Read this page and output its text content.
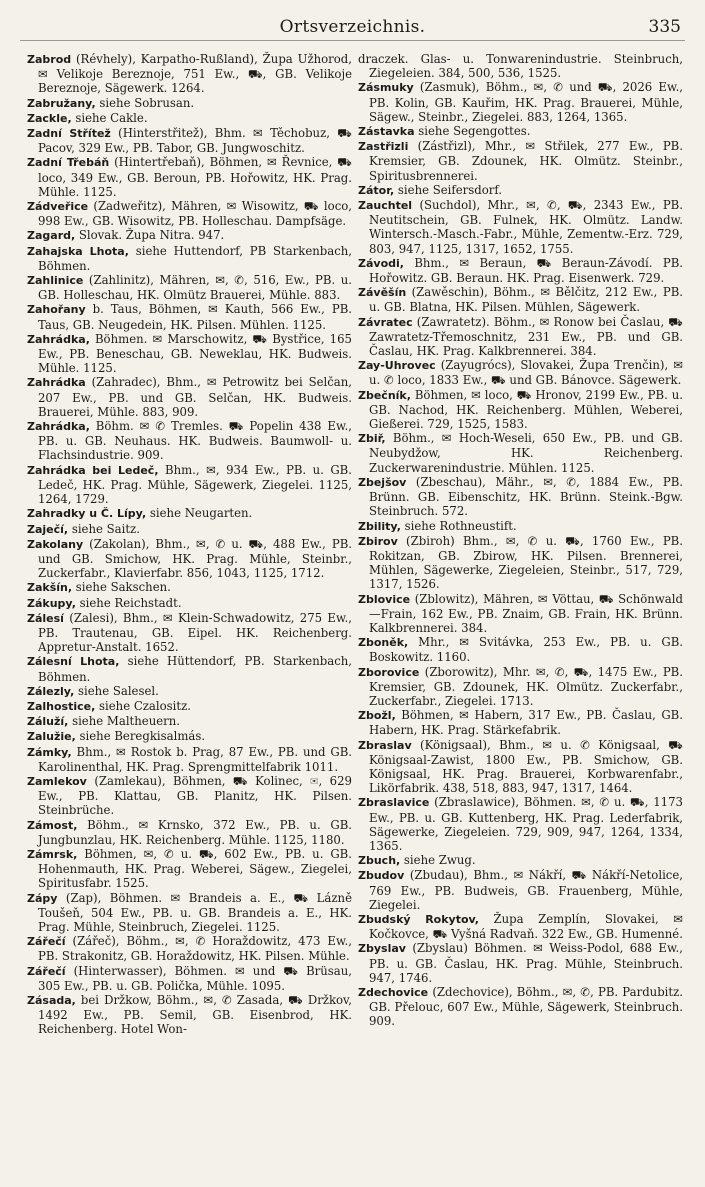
Ortsverzeichnis.	335

Zabrod (Révhely), Karpatho-Rußland), Župa Užhorod, ✉ Velikoje Bereznoje, 751 Ew., ⛟, GB. Velikoje Bereznoje, Sägewerk. 1264.

Zabružany, siehe Sobrusan.

Zackle, siehe Cakle.

Zadní Střítež (Hinterstřitež), Bhm. ✉ Těchobuz, ⛟ Pacov, 329 Ew., PB. Tabor, GB. Jungwoschitz.

Zadní Třebáň (Hintertřebaň), Böhmen, ✉ Řevnice, ⛟ loco, 349 Ew., GB. Beroun, PB. Hořowitz, HK. Prag. Mühle. 1125.

Zádveřice (Zadweřitz), Mähren, ✉ Wisowitz, ⛟ loco, 998 Ew., GB. Wisowitz, PB. Holleschau. Dampfsäge.

Zagard, Slovak. Župa Nitra. 947.

Zahajska Lhota, siehe Huttendorf, PB Starkenbach, Böhmen.

Zahlinice (Zahlinitz), Mähren, ✉, ✆, 516, Ew., PB. u. GB. Holleschau, HK. Olmütz Brauerei, Mühle. 883.

Zahořany b. Taus, Böhmen, ✉ Kauth, 566 Ew., PB. Taus, GB. Neugedein, HK. Pilsen. Mühlen. 1125.

Zahrádka, Böhmen. ✉ Marschowitz, ⛟ Bystřice, 165 Ew., PB. Beneschau, GB. Neweklau, HK. Budweis. Mühle. 1125.

Zahrádka (Zahradec), Bhm., ✉ Petrowitz bei Selčan, 207 Ew., PB. und GB. Selčan, HK. Budweis. Brauerei, Mühle. 883, 909.

Zahrádka, Böhm. ✉ ✆ Tremles. ⛟ Popelin 438 Ew., PB. u. GB. Neuhaus. HK. Budweis. Baumwoll- u. Flachsindustrie. 909.

Zahrádka bei Ledeč, Bhm., ✉, 934 Ew., PB. u. GB. Ledeč, HK. Prag. Mühle, Sägewerk, Ziegelei. 1125, 1264, 1729.

Zahradky u Č. Lípy, siehe Neugarten.

Zaječí, siehe Saitz.

Zakolany (Zakolan), Bhm., ✉, ✆ u. ⛟, 488 Ew., PB. und GB. Smichow, HK. Prag. Mühle, Steinbr., Zuckerfabr., Klavierfabr. 856, 1043, 1125, 1712.

Zakšín, siehe Sakschen.

Zákupy, siehe Reichstadt.

Zálesí (Zalesi), Bhm., ✉ Klein-Schwadowitz, 275 Ew., PB. Trautenau, GB. Eipel. HK. Reichenberg. Appretur-Anstalt. 1652.

Zálesní Lhota, siehe Hüttendorf, PB. Starkenbach, Böhmen.

Zálezly, siehe Salesel.

Zalhostice, siehe Czalositz.

Záluží, siehe Maltheuern.

Zalužie, siehe Beregkisalmás.

Zámky, Bhm., ✉ Rostok b. Prag, 87 Ew., PB. und GB. Karolinenthal, HK. Prag. Sprengmittelfabrik 1011.

Zamlekov (Zamlekau), Böhmen, ⛟ Kolinec, ✉, 629 Ew., PB. Klattau, GB. Planitz, HK. Pilsen. Steinbrüche.

Zámost, Böhm., ✉ Krnsko, 372 Ew., PB. u. GB. Jungbunzlau, HK. Reichenberg. Mühle. 1125, 1180.

Zámrsk, Böhmen, ✉, ✆ u. ⛟, 602 Ew., PB. u. GB. Hohenmauth, HK. Prag. Weberei, Sägew., Ziegelei, Spiritusfabr. 1525.

Zápy (Zap), Böhmen. ✉ Brandeis a. E., ⛟ Lázně Toušeň, 504 Ew., PB. u. GB. Brandeis a. E., HK. Prag. Mühle, Steinbruch, Ziegelei. 1125.

Zářečí (Zářeč), Böhm., ✉, ✆ Horaždowitz, 473 Ew., PB. Strakonitz, GB. Horaždowitz, HK. Pilsen. Mühle.

Zářečí (Hinterwasser), Böhmen. ✉ und ⛟ Brüsau, 305 Ew., PB. u. GB. Polička, Mühle. 1095.

Zásada, bei Držkow, Böhm., ✉, ✆ Zasada, ⛟ Držkov, 1492 Ew., PB. Semil, GB. Eisenbrod, HK. Reichenberg. Hotel Won-

draczek. Glas- u. Tonwarenindustrie. Steinbruch, Ziegeleien. 384, 500, 536, 1525.

Zásmuky (Zasmuk), Böhm., ✉, ✆ und ⛟, 2026 Ew., PB. Kolin, GB. Kauřim, HK. Prag. Brauerei, Mühle, Sägew., Steinbr., Ziegelei. 883, 1264, 1365.

Zástavka siehe Segengottes.

Zastřizli (Zástřizl), Mhr., ✉ Střilek, 277 Ew., PB. Kremsier, GB. Zdounek, HK. Olmütz. Steinbr., Spiritusbrennerei.

Zátor, siehe Seifersdorf.

Zauchtel (Suchdol), Mhr., ✉, ✆, ⛟, 2343 Ew., PB. Neutitschein, GB. Fulnek, HK. Olmütz. Landw. Wintersch.-Masch.-Fabr., Mühle, Zementw.-Erz. 729, 803, 947, 1125, 1317, 1652, 1755.

Závodi, Bhm., ✉ Beraun, ⛟ Beraun-Závodí. PB. Hořowitz. GB. Beraun. HK. Prag. Eisenwerk. 729.

Závěšín (Zawěschin), Böhm., ✉ Bělčitz, 212 Ew., PB. u. GB. Blatna, HK. Pilsen. Mühlen, Sägewerk.

Závratec (Zawratetz). Böhm., ✉ Ronow bei Časlau, ⛟ Zawratetz-Třemoschnitz, 231 Ew., PB. und GB. Časlau, HK. Prag. Kalkbrennerei. 384.

Zay-Uhrovec (Zayugrócs), Slovakei, Župa Trenčin), ✉ u. ✆ loco, 1833 Ew., ⛟ und GB. Bánovce. Sägewerk.

Zbečník, Böhmen, ✉ loco, ⛟ Hronov, 2199 Ew., PB. u. GB. Nachod, HK. Reichenberg. Mühlen, Weberei, Gießerei. 729, 1525, 1583.

Zbiř, Böhm., ✉ Hoch-Weseli, 650 Ew., PB. und GB. Neubydžow, HK. Reichenberg. Zuckerwarenindustrie. Mühlen. 1125.

Zbejšov (Zbeschau), Mähr., ✉, ✆, 1884 Ew., PB. Brünn. GB. Eibenschitz, HK. Brünn. Steink.-Bgw. Steinbruch. 572.

Zbility, siehe Rothneustift.

Zbirov (Zbiroh) Bhm., ✉, ✆ u. ⛟, 1760 Ew., PB. Rokitzan, GB. Zbirow, HK. Pilsen. Brennerei, Mühlen, Sägewerke, Ziegeleien, Steinbr., 517, 729, 1317, 1526.

Zblovice (Zblowitz), Mähren, ✉ Vöttau, ⛟ Schönwald—Frain, 162 Ew., PB. Znaim, GB. Frain, HK. Brünn. Kalkbrennerei. 384.

Zboněk, Mhr., ✉ Svitávka, 253 Ew., PB. u. GB. Boskowitz. 1160.

Zborovice (Zborowitz), Mhr. ✉, ✆, ⛟, 1475 Ew., PB. Kremsier, GB. Zdounek, HK. Olmütz. Zuckerfabr., Zuckerfabr., Ziegelei. 1713.

Zbožl, Böhmen, ✉ Habern, 317 Ew., PB. Časlau, GB. Habern, HK. Prag. Stärkefabrik.

Zbraslav (Königsaal), Bhm., ✉ u. ✆ Königsaal, ⛟ Königsaal-Zawist, 1800 Ew., PB. Smichow, GB. Königsaal, HK. Prag. Brauerei, Korbwarenfabr., Likörfabrik. 438, 518, 883, 947, 1317, 1464.

Zbraslavice (Zbraslawice), Böhmen. ✉, ✆ u. ⛟, 1173 Ew., PB. u. GB. Kuttenberg, HK. Prag. Lederfabrik, Sägewerke, Ziegeleien. 729, 909, 947, 1264, 1334, 1365.

Zbuch, siehe Zwug.

Zbudov (Zbudau), Bhm., ✉ Nákří, ⛟ Nákří-Netolice, 769 Ew., PB. Budweis, GB. Frauenberg, Mühle, Ziegelei.

Zbudský Rokytov, Župa Zemplín, Slovakei, ✉ Kočkovce, ⛟ Vyšná Radvaň. 322 Ew., GB. Humenné.

Zbyslav (Zbyslau) Böhmen. ✉ Weiss-Podol, 688 Ew., PB. u. GB. Časlau, HK. Prag. Mühle, Steinbruch. 947, 1746.

Zdechovice (Zdechovice), Böhm., ✉, ✆, PB. Pardubitz. GB. Přelouc, 607 Ew., Mühle, Sägewerk, Steinbruch. 909.
